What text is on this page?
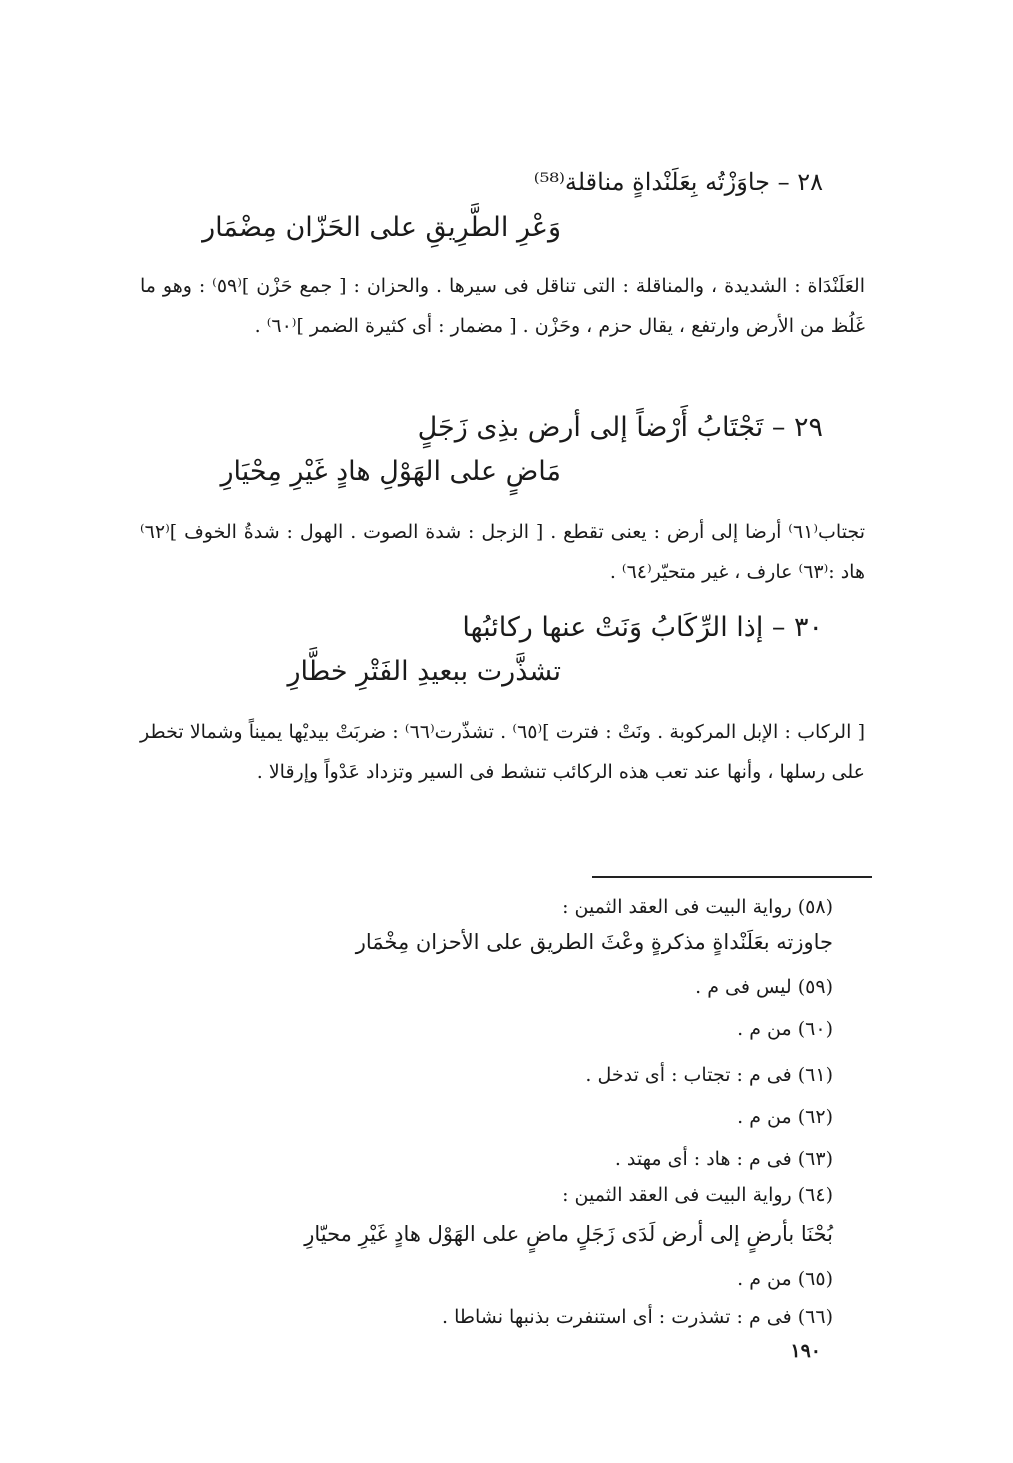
٢٨ – جاوَزْتُه بِعَلَنْداةٍ مناقلة⁽⁵⁸⁾
وَعْرِ الطَّرِيقِ على الحَزّان مِضْمَار
العَلَنْدَاة : الشديدة ، والمناقلة : التى تناقل فى سيرها . والحزان : [ جمع حَزْن ]⁽٥٩⁾ : وهو ما غَلُظ من الأرض وارتفع ، يقال حزم ، وحَزْن . [ مضمار : أى كثيرة الضمر ]⁽٦٠⁾ .
٢٩ – تَجْتَابُ أَرْضاً إلى أرض بذِى زَجَلٍ
مَاضٍ على الهَوْلِ هادٍ غَيْرِ مِحْيَارِ
تجتاب⁽٦١⁾ أرضا إلى أرض : يعنى تقطع . [ الزجل : شدة الصوت . الهول : شدةُ الخوف ]⁽٦٢⁾ هاد :⁽٦٣⁾ عارف ، غير متحيّر⁽٦٤⁾ .
٣٠ – إذا الرِّكَابُ وَنَتْ عنها ركائبُها
تشذَّرت ببعيدِ الفَتْرِ خطَّارِ
[ الركاب : الإبل المركوبة . ونَتْ : فترت ]⁽٦٥⁾ . تشذّرت⁽٦٦⁾ : ضربَتْ بيديْها يميناً وشمالا تخطر على رسلها ، وأنها عند تعب هذه الركائب تنشط فى السير وتزداد عَدْواً وإرقالا .
(٥٨) رواية البيت فى العقد الثمين :
جاوزته بعَلَنْداةٍ مذكرةٍ وعْثَ الطريق على الأحزان مِخْمَار
(٥٩) ليس فى م .
(٦٠) من م .
(٦١) فى م : تجتاب : أى تدخل .
(٦٢) من م .
(٦٣) فى م : هاد : أى مهتد .
(٦٤) رواية البيت فى العقد الثمين :
بُحْنَا بأرضٍ إلى أرض لَدَى زَجَلٍ ماضٍ على الهَوْل هادٍ غَيْرِ محيّارِ
(٦٥) من م .
(٦٦) فى م : تشذرت : أى استنفرت بذنبها نشاطا .
١٩٠
